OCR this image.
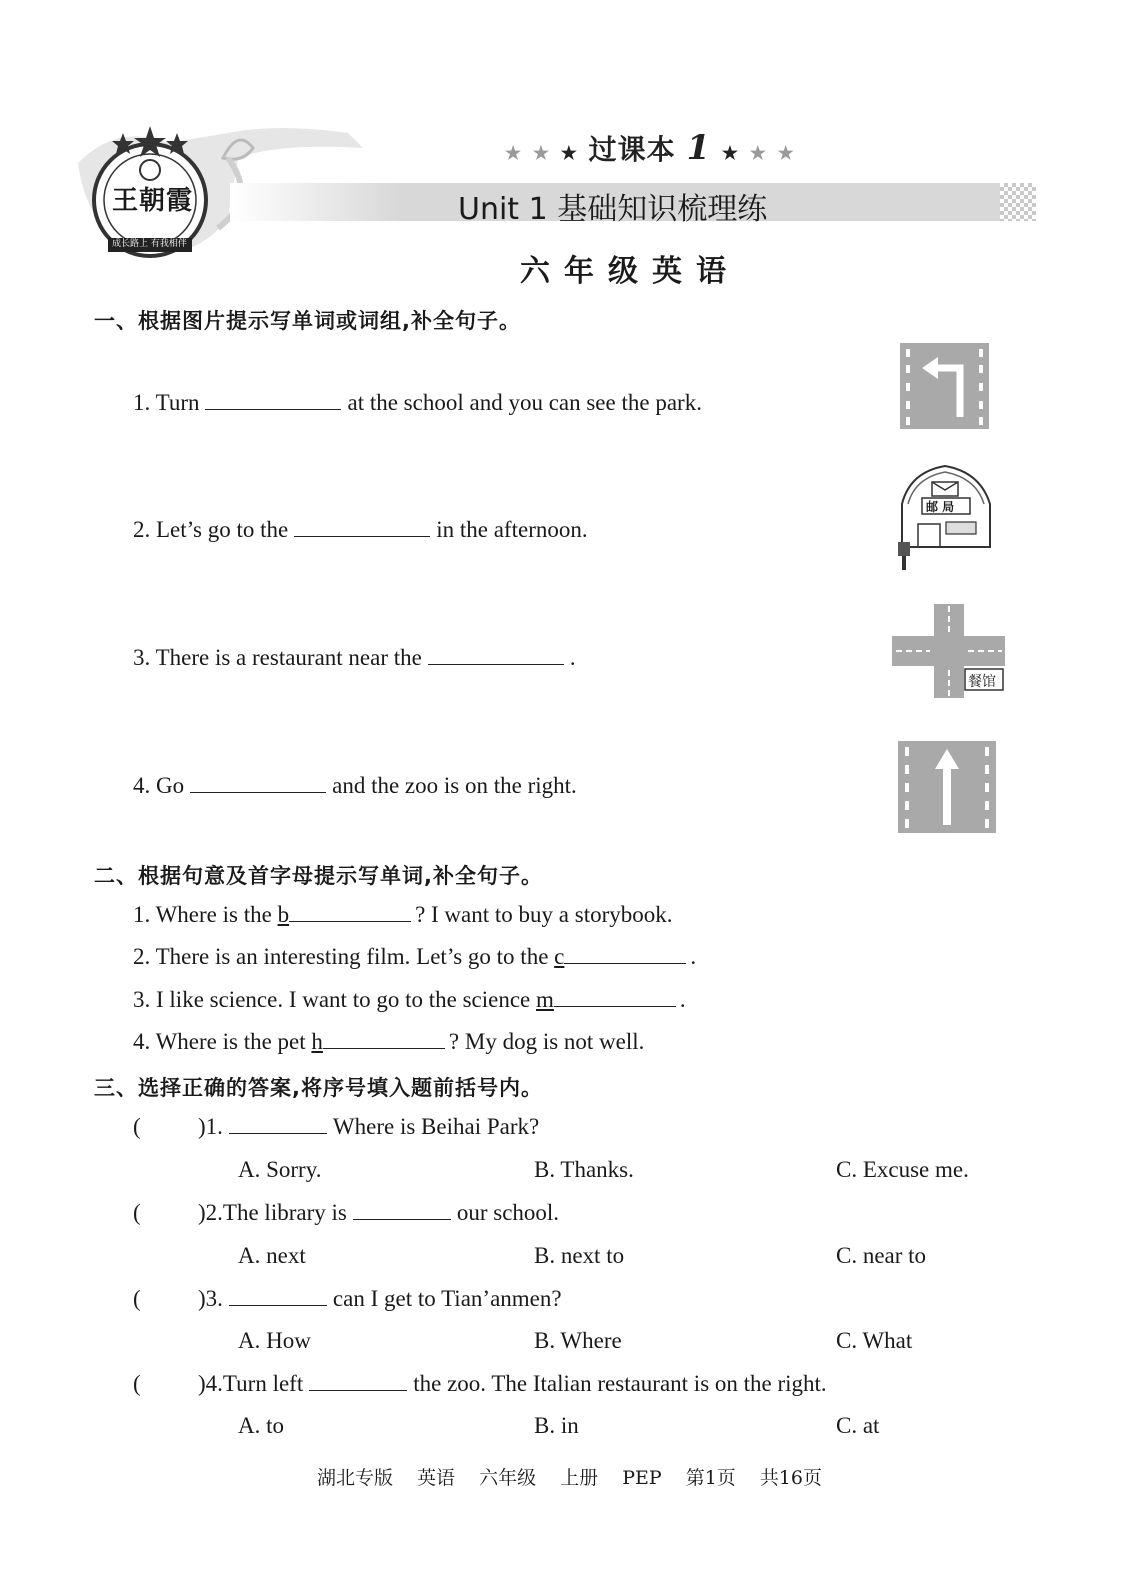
王朝霞
成长路上 有我相伴
★ ★ ★ 过课本 1 ★ ★ ★
Unit 1 基础知识梳理练
六年级英语
一、根据图片提示写单词或词组,补全句子。
1. Turn	at the school and you can see the park.
2. Let’s go to the	in the afternoon.
3. There is a restaurant near the	.
4. Go	and the zoo is on the right.
邮 局
餐馆
二、根据句意及首字母提示写单词,补全句子。
1. Where is the b	? I want to buy a storybook.
2. There is an interesting film. Let’s go to the c	.
3. I like science. I want to go to the science m	.
4. Where is the pet h	? My dog is not well.
三、选择正确的答案,将序号填入题前括号内。
( )1.	Where is Beihai Park?
A. Sorry.	B. Thanks.	C. Excuse me.
( )2.The library is	our school.
A. next	B. next to	C. near to
( )3.	can I get to Tian’anmen?
A. How	B. Where	C. What
( )4.Turn left	the zoo. The Italian restaurant is on the right.
A. to	B. in	C. at
湖北专版 英语 六年级 上册 PEP 第1页 共16页
